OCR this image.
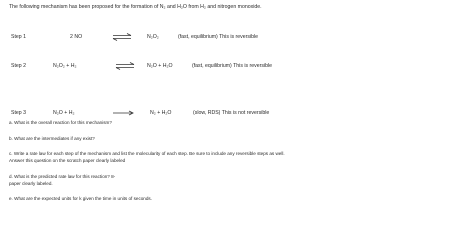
The following mechanism has been proposed for the formation of N₂ and H₂O from H₂ and nitrogen monoxide.
Step 1	2 NO ⇌	N₂O₂	(fast, equilibrium) This is reversible
Step 2	N₂O₂ + H₂ ⇌ N₂O + H₂O	(fast, equilibrium) This is reversible
Step 3	N₂O + H₂	N₂ + H₂O	(slow, RDS) This is not reversible
a. What is the overall reaction for this mechanism?
b. What are the intermediates if any exist?
c. Write a rate law for each step of the mechanism and list the molecularity of each step. Be sure to include any reversible steps as well.
Answer this question on the scratch paper clearly labeled
d. What is the predicted rate law for this reaction? 8-
paper clearly labeled.
e. What are the expected units for k given the time in units of seconds.
